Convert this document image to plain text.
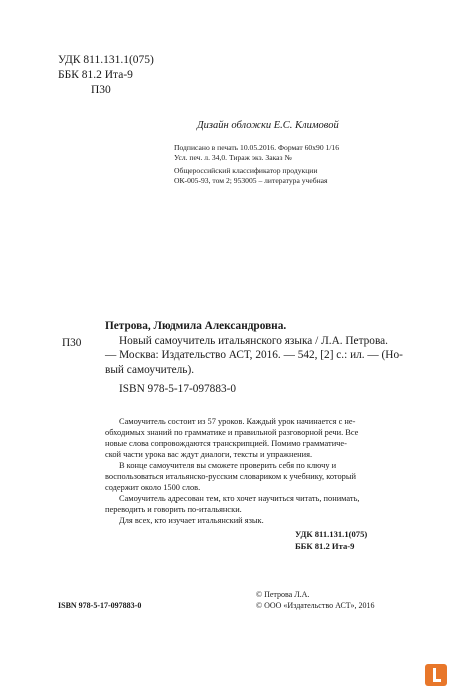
УДК 811.131.1(075)
ББК 81.2 Ита-9
П30
Дизайн обложки Е.С. Климовой
Подписано в печать 10.05.2016. Формат 60x90 1/16
Усл. печ. л. 34,0. Тираж экз. Заказ №
Общероссийский классификатор продукции
ОК-005-93, том 2; 953005 – литература учебная
П30
Петрова, Людмила Александровна.
Новый самоучитель итальянского языка / Л.А. Петрова.
— Москва: Издательство АСТ, 2016. — 542, [2] с.: ил. — (Но-
вый самоучитель).
ISBN 978-5-17-097883-0
Самоучитель состоит из 57 уроков. Каждый урок начинается с не-
обходимых знаний по грамматике и правильной разговорной речи. Все
новые слова сопровождаются транскрипцией. Помимо грамматиче-
ской части урока вас ждут диалоги, тексты и упражнения.
В конце самоучителя вы сможете проверить себя по ключу и
воспользоваться итальянско-русским словариком к учебнику, который
содержит около 1500 слов.
Самоучитель адресован тем, кто хочет научиться читать, понимать,
переводить и говорить по-итальянски.
Для всех, кто изучает итальянский язык.
УДК 811.131.1(075)
ББК 81.2 Ита-9
ISBN 978-5-17-097883-0
© Петрова Л.А.
© ООО «Издательство АСТ», 2016
